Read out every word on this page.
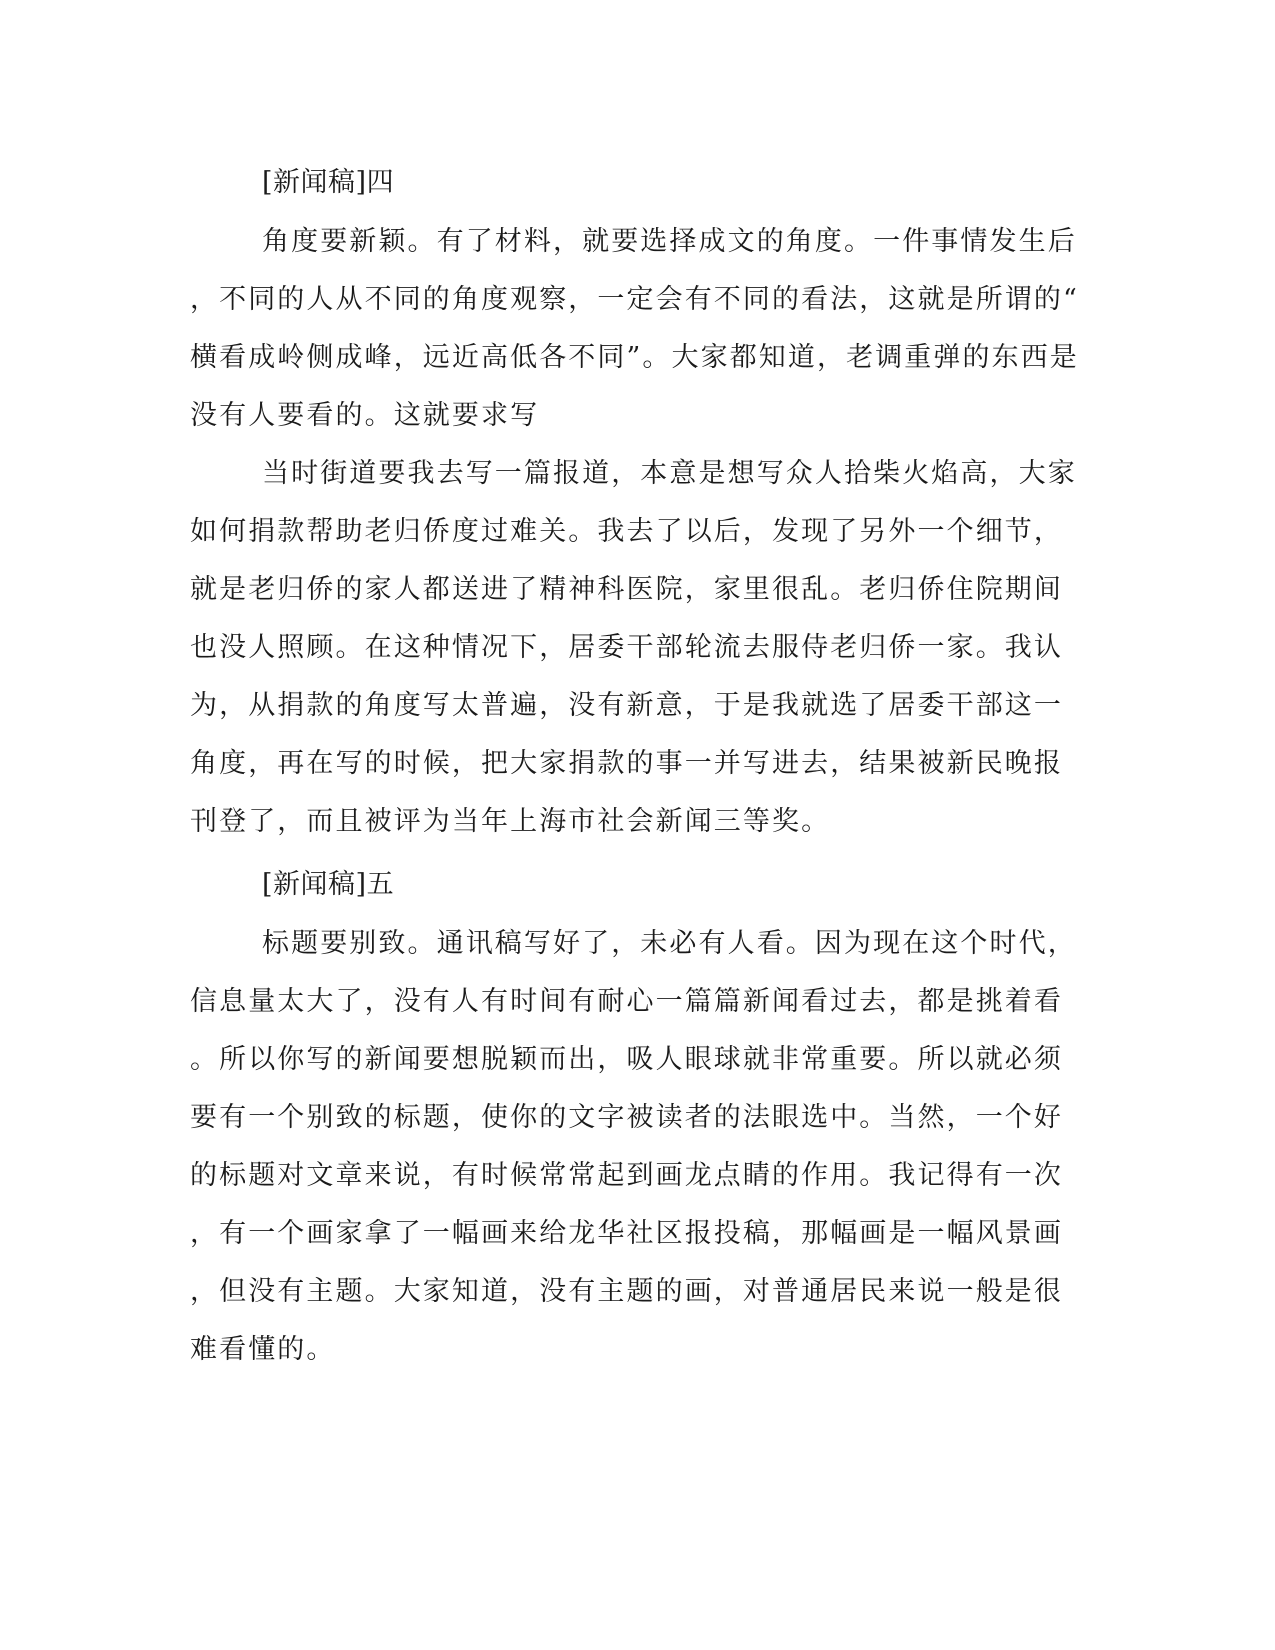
[新闻稿]四
角度要新颖。有了材料，就要选择成文的角度。一件事情发生后
，不同的人从不同的角度观察，一定会有不同的看法，这就是所谓的“
横看成岭侧成峰，远近高低各不同”。大家都知道，老调重弹的东西是
没有人要看的。这就要求写
当时街道要我去写一篇报道，本意是想写众人拾柴火焰高，大家
如何捐款帮助老归侨度过难关。我去了以后，发现了另外一个细节，
就是老归侨的家人都送进了精神科医院，家里很乱。老归侨住院期间
也没人照顾。在这种情况下，居委干部轮流去服侍老归侨一家。我认
为，从捐款的角度写太普遍，没有新意，于是我就选了居委干部这一
角度，再在写的时候，把大家捐款的事一并写进去，结果被新民晚报
刊登了，而且被评为当年上海市社会新闻三等奖。
[新闻稿]五
标题要别致。通讯稿写好了，未必有人看。因为现在这个时代，
信息量太大了，没有人有时间有耐心一篇篇新闻看过去，都是挑着看
。所以你写的新闻要想脱颖而出，吸人眼球就非常重要。所以就必须
要有一个别致的标题，使你的文字被读者的法眼选中。当然，一个好
的标题对文章来说，有时候常常起到画龙点睛的作用。我记得有一次
，有一个画家拿了一幅画来给龙华社区报投稿，那幅画是一幅风景画
，但没有主题。大家知道，没有主题的画，对普通居民来说一般是很
难看懂的。
